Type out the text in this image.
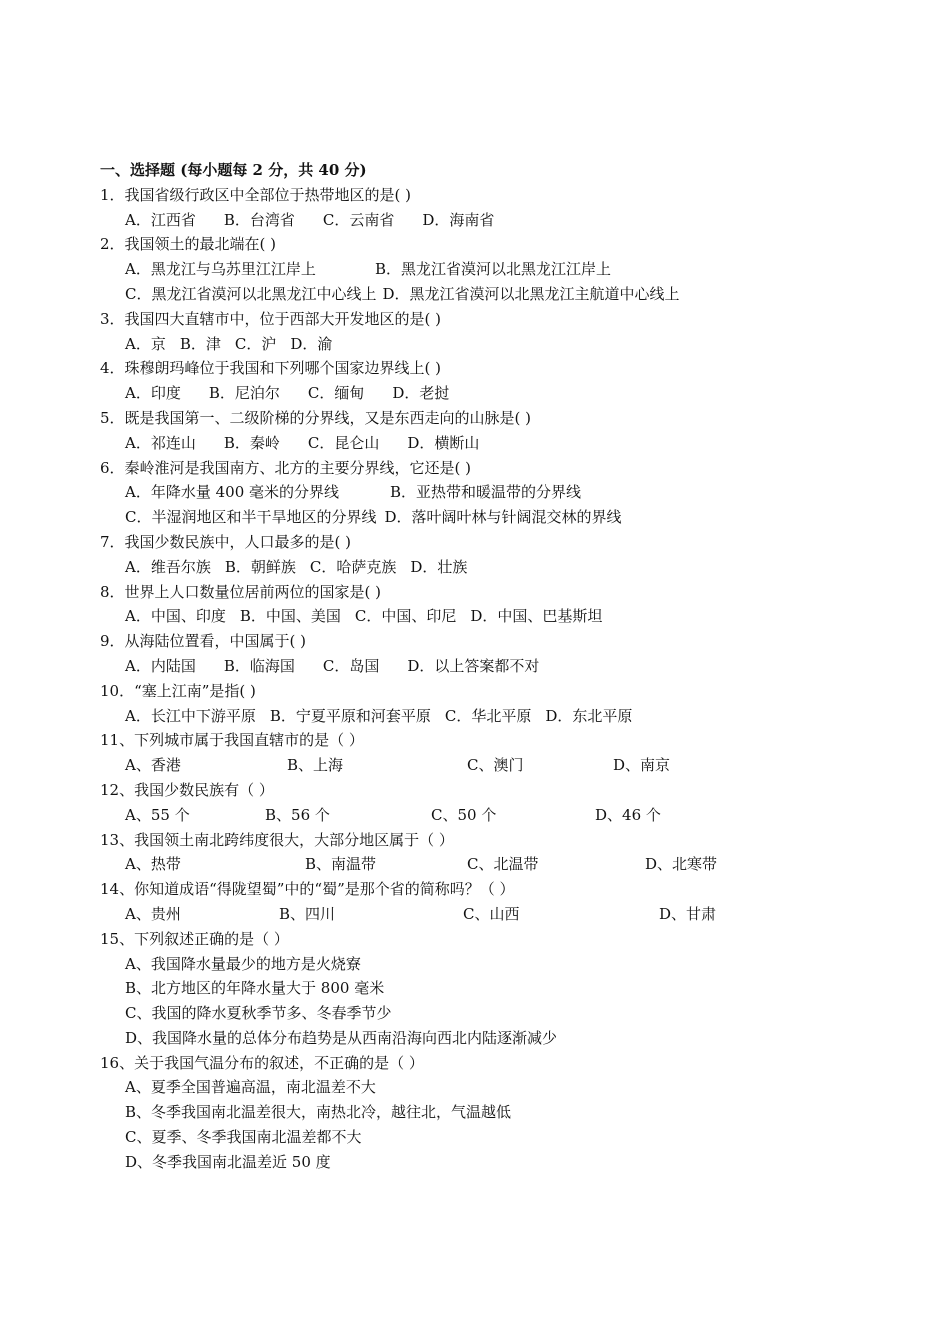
一、选择题 (每小题每 2 分，共 40 分)
1．我国省级行政区中全部位于热带地区的是( )
A．江西省 B．台湾省 C．云南省 D．海南省
2．我国领土的最北端在( )
A．黑龙江与乌苏里江江岸上	B．黑龙江省漠河以北黑龙江江岸上
C．黑龙江省漠河以北黑龙江中心线上 D．黑龙江省漠河以北黑龙江主航道中心线上
3．我国四大直辖市中，位于西部大开发地区的是( )
A．京 B．津 C．沪 D．渝
4．珠穆朗玛峰位于我国和下列哪个国家边界线上( )
A．印度 B．尼泊尔 C．缅甸 D．老挝
5．既是我国第一、二级阶梯的分界线，又是东西走向的山脉是( )
A．祁连山 B．秦岭 C．昆仑山 D．横断山
6．秦岭淮河是我国南方、北方的主要分界线，它还是( )
A．年降水量 400 毫米的分界线	B．亚热带和暖温带的分界线
C．半湿润地区和半干旱地区的分界线 D．落叶阔叶林与针阔混交林的界线
7．我国少数民族中，人口最多的是( )
A．维吾尔族 B．朝鲜族 C．哈萨克族 D．壮族
8．世界上人口数量位居前两位的国家是( )
A．中国、印度 B．中国、美国 C．中国、印尼 D．中国、巴基斯坦
9．从海陆位置看，中国属于( )
A．内陆国 B．临海国 C．岛国 D．以上答案都不对
10．“塞上江南”是指( )
A．长江中下游平原 B．宁夏平原和河套平原 C．华北平原 D．东北平原
11、下列城市属于我国直辖市的是（ ）
A、香港	B、上海	C、澳门	D、南京
12、我国少数民族有（ ）
A、55 个	B、56 个	C、50 个	D、46 个
13、我国领土南北跨纬度很大，大部分地区属于（ ）
A、热带	B、南温带	C、北温带	D、北寒带
14、你知道成语“得陇望蜀”中的“蜀”是那个省的简称吗？（ ）
A、贵州	B、四川	C、山西	D、甘肃
15、下列叙述正确的是（ ）
A、我国降水量最少的地方是火烧寮
B、北方地区的年降水量大于 800 毫米
C、我国的降水夏秋季节多、冬春季节少
D、我国降水量的总体分布趋势是从西南沿海向西北内陆逐渐减少
16、关于我国气温分布的叙述，不正确的是（ ）
A、夏季全国普遍高温，南北温差不大
B、冬季我国南北温差很大，南热北冷，越往北，气温越低
C、夏季、冬季我国南北温差都不大
D、冬季我国南北温差近 50 度
